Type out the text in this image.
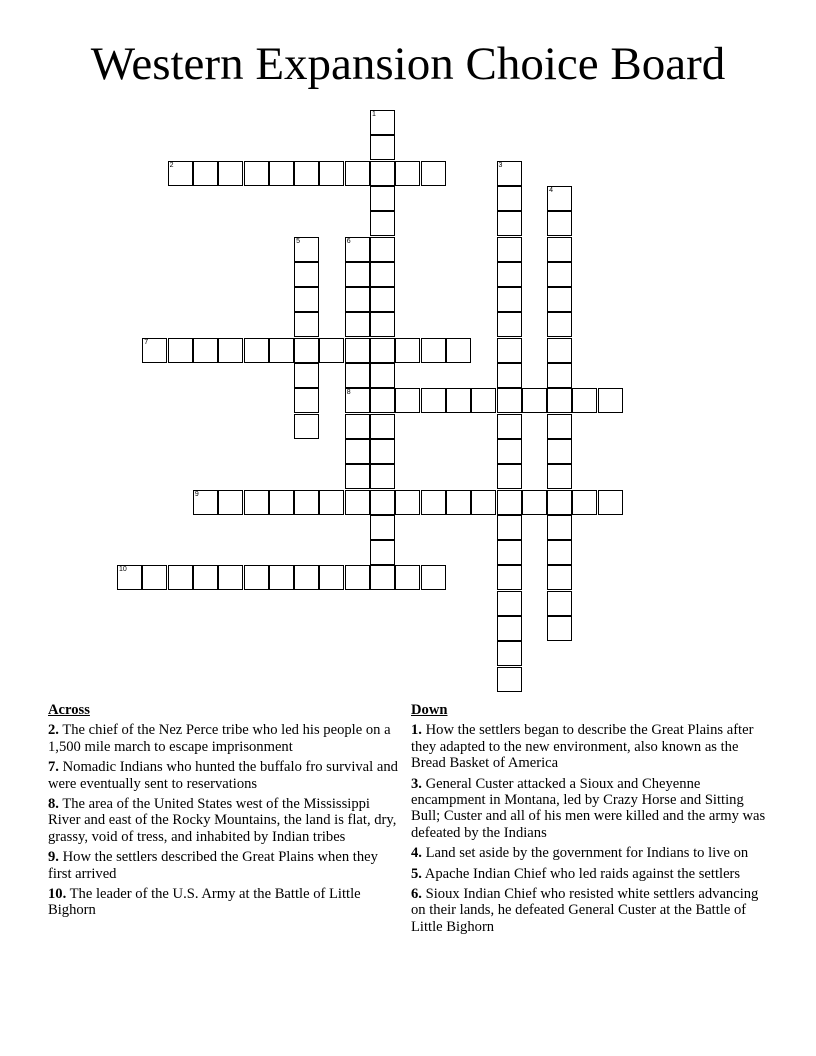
Western Expansion Choice Board
1
2	3
4
5	6
8
7
9
10
Across
2. The chief of the Nez Perce tribe who led his people on a 1,500 mile march to escape imprisonment
7. Nomadic Indians who hunted the buffalo fro survival and were eventually sent to reservations
8. The area of the United States west of the Mississippi River and east of the Rocky Mountains, the land is flat, dry, grassy, void of tress, and inhabited by Indian tribes
9. How the settlers described the Great Plains when they first arrived
10. The leader of the U.S. Army at the Battle of Little Bighorn
Down
1. How the settlers began to describe the Great Plains after they adapted to the new environment, also known as the Bread Basket of America
3. General Custer attacked a Sioux and Cheyenne encampment in Montana, led by Crazy Horse and Sitting Bull; Custer and all of his men were killed and the army was defeated by the Indians
4. Land set aside by the government for Indians to live on
5. Apache Indian Chief who led raids against the settlers
6. Sioux Indian Chief who resisted white settlers advancing on their lands, he defeated General Custer at the Battle of Little Bighorn
